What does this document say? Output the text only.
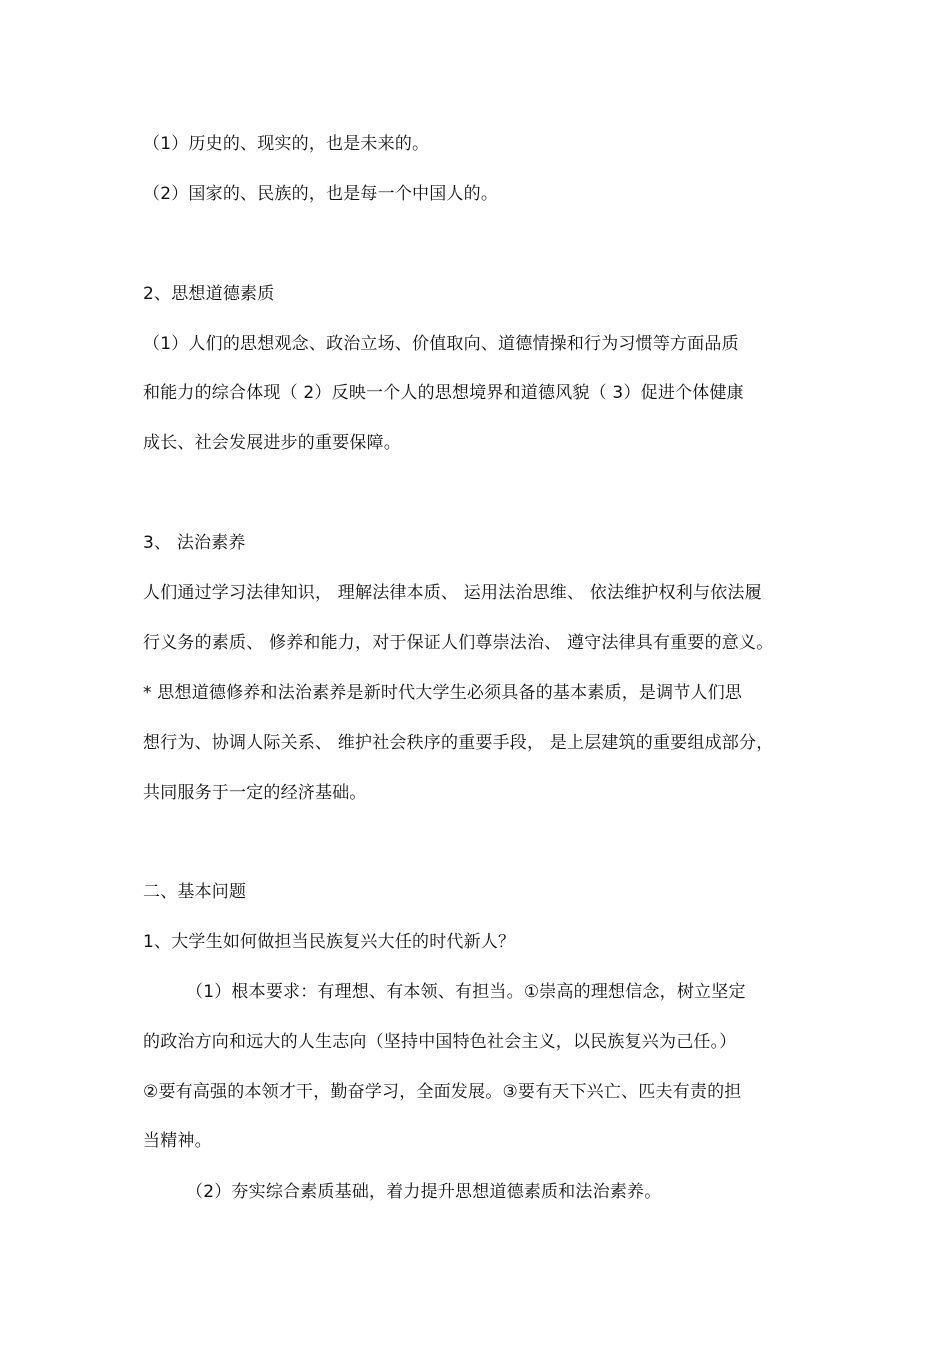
（1）历史的、现实的，也是未来的。
（2）国家的、民族的，也是每一个中国人的。
2、思想道德素质
（1）人们的思想观念、政治立场、价值取向、道德情操和行为习惯等方面品质
和能力的综合体现（ 2）反映一个人的思想境界和道德风貌（ 3）促进个体健康
成长、社会发展进步的重要保障。
3、 法治素养
人们通过学习法律知识， 理解法律本质、 运用法治思维、 依法维护权利与依法履
行义务的素质、 修养和能力，对于保证人们尊崇法治、 遵守法律具有重要的意义。
* 思想道德修养和法治素养是新时代大学生必须具备的基本素质，是调节人们思
想行为、协调人际关系、 维护社会秩序的重要手段， 是上层建筑的重要组成部分，
共同服务于一定的经济基础。
二、基本问题
1、大学生如何做担当民族复兴大任的时代新人？
（1）根本要求：有理想、有本领、有担当。①崇高的理想信念，树立坚定
的政治方向和远大的人生志向（坚持中国特色社会主义，以民族复兴为己任。）
②要有高强的本领才干，勤奋学习，全面发展。③要有天下兴亡、匹夫有责的担
当精神。
（2）夯实综合素质基础，着力提升思想道德素质和法治素养。
